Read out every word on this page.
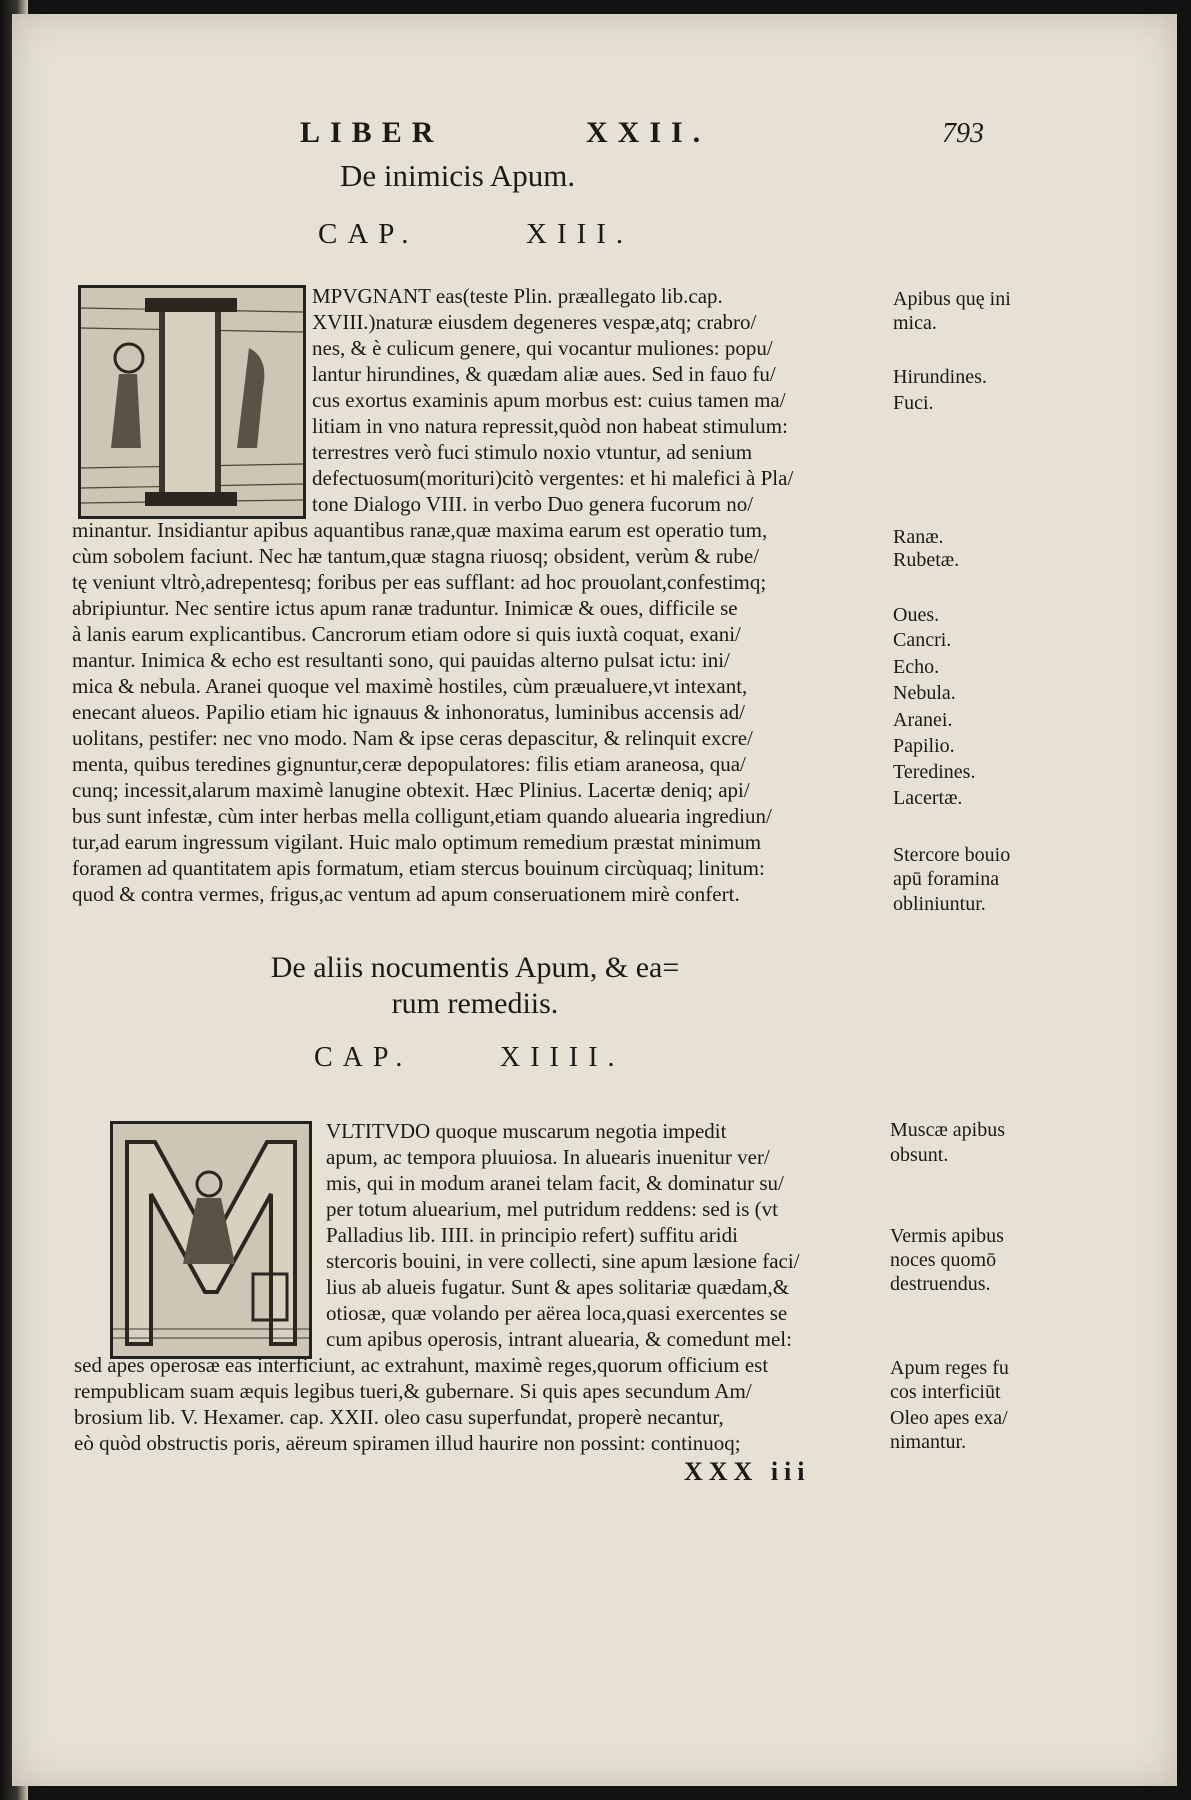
LIBER	XXII.	793
De inimicis Apum.
CAP.	XIII.
MPVGNANT eas(teste Plin. præallegato lib.cap.
XVIII.)naturæ eiusdem degeneres vespæ,atq; crabro/
nes, & è culicum genere, qui vocantur muliones: popu/
lantur hirundines, & quædam aliæ aues. Sed in fauo fu/
cus exortus examinis apum morbus est: cuius tamen ma/
litiam in vno natura repressit,quòd non habeat stimulum:
terrestres verò fuci stimulo noxio vtuntur, ad senium
defectuosum(morituri)citò vergentes: et hi malefici à Pla/
tone Dialogo VIII. in verbo Duo genera fucorum no/
minantur. Insidiantur apibus aquantibus ranæ,quæ maxima earum est operatio tum,
cùm sobolem faciunt. Nec hæ tantum,quæ stagna riuosq; obsident, verùm & rube/
tę veniunt vltrò,adrepentesq; foribus per eas sufflant: ad hoc prouolant,confestimq;
abripiuntur. Nec sentire ictus apum ranæ traduntur. Inimicæ & oues, difficile se
à lanis earum explicantibus. Cancrorum etiam odore si quis iuxtà coquat, exani/
mantur. Inimica & echo est resultanti sono, qui pauidas alterno pulsat ictu: ini/
mica & nebula. Aranei quoque vel maximè hostiles, cùm præualuere,vt intexant,
enecant alueos. Papilio etiam hic ignauus & inhonoratus, luminibus accensis ad/
uolitans, pestifer: nec vno modo. Nam & ipse ceras depascitur, & relinquit excre/
menta, quibus teredines gignuntur,ceræ depopulatores: filis etiam araneosa, qua/
cunq; incessit,alarum maximè lanugine obtexit. Hæc Plinius. Lacertæ deniq; api/
bus sunt infestæ, cùm inter herbas mella colligunt,etiam quando aluearia ingrediun/
tur,ad earum ingressum vigilant. Huic malo optimum remedium præstat minimum
foramen ad quantitatem apis formatum, etiam stercus bouinum circùquaq; linitum:
quod & contra vermes, frigus,ac ventum ad apum conseruationem mirè confert.
Apibus quę ini
mica.
Hirundines.
Fuci.
Ranæ.
Rubetæ.
Oues.
Cancri.
Echo.
Nebula.
Aranei.
Papilio.
Teredines.
Lacertæ.
Stercore bouio
apū foramina
obliniuntur.
De aliis nocumentis Apum, & ea=
rum remediis.
CAP.	XIIII.
VLTITVDO quoque muscarum negotia impedit
apum, ac tempora pluuiosa. In aluearis inuenitur ver/
mis, qui in modum aranei telam facit, & dominatur su/
per totum aluearium, mel putridum reddens: sed is (vt
Palladius lib. IIII. in principio refert) suffitu aridi
stercoris bouini, in vere collecti, sine apum læsione faci/
lius ab alueis fugatur. Sunt & apes solitariæ quædam,&
otiosæ, quæ volando per aërea loca,quasi exercentes se
cum apibus operosis, intrant aluearia, & comedunt mel:
sed apes operosæ eas interficiunt, ac extrahunt, maximè reges,quorum officium est
rempublicam suam æquis legibus tueri,& gubernare. Si quis apes secundum Am/
brosium lib. V. Hexamer. cap. XXII. oleo casu superfundat, properè necantur,
eò quòd obstructis poris, aëreum spiramen illud haurire non possint: continuoq;
Muscæ apibus
obsunt.
Vermis apibus
noces quomō
destruendus.
Apum reges fu
cos interficiūt
Oleo apes exa/
nimantur.
XXX iii
